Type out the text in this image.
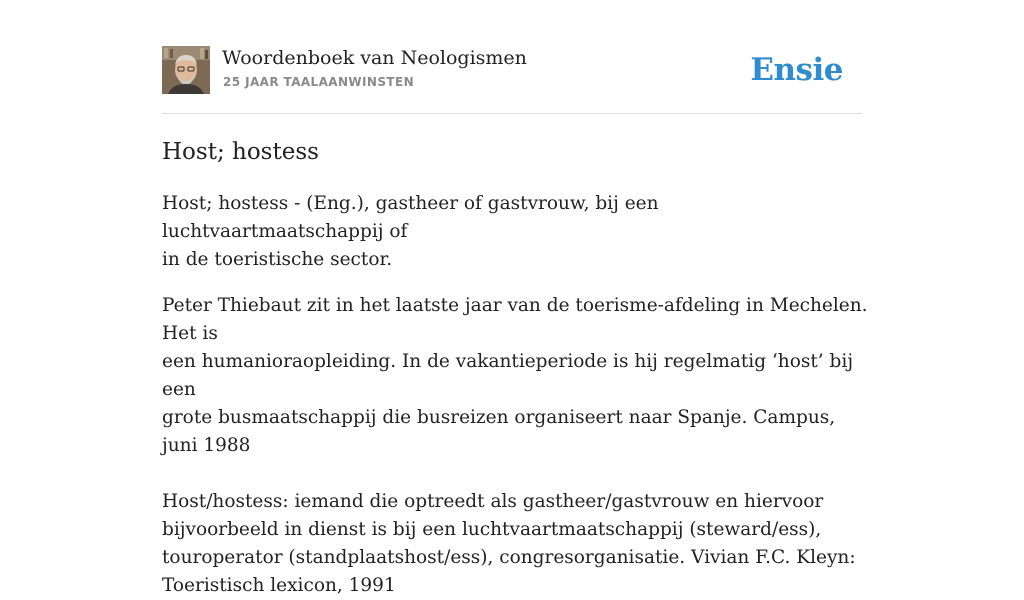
Woordenboek van Neologismen
25 JAAR TAALAANWINSTEN	Ensie
Host; hostess

Host; hostess - (Eng.), gastheer of gastvrouw, bij een luchtvaartmaatschappij of
in de toeristische sector.

Peter Thiebaut zit in het laatste jaar van de toerisme-afdeling in Mechelen. Het is
een humanioraopleiding. In de vakantieperiode is hij regelmatig ‘host’ bij een
grote busmaatschappij die busreizen organiseert naar Spanje. Campus, juni 1988
Host/hostess: iemand die optreedt als gastheer/gastvrouw en hiervoor
bijvoorbeeld in dienst is bij een luchtvaartmaatschappij (steward/ess),
touroperator (standplaatshost/ess), congresorganisatie. Vivian F.C. Kleyn:
Toeristisch lexicon, 1991
